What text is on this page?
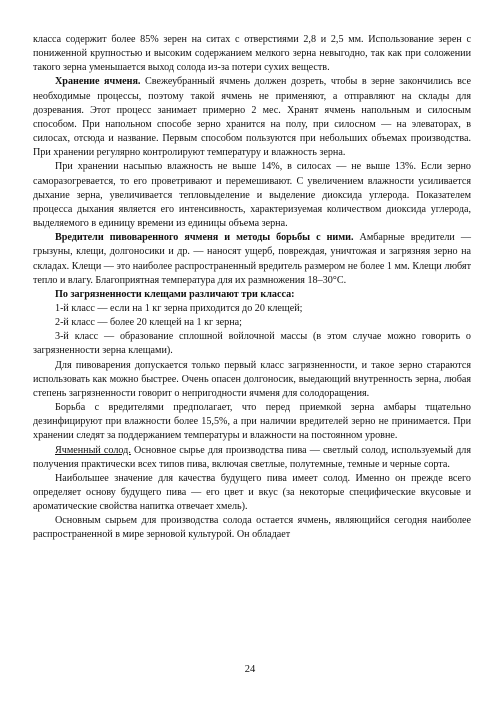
класса содержит более 85% зерен на ситах с отверстиями 2,8 и 2,5 мм. Использование зерен с пониженной крупностью и высоким содержанием мелкого зерна невыгодно, так как при соложении такого зерна уменьшается выход солода из-за потери сухих веществ.

Хранение ячменя. Свежеубранный ячмень должен дозреть, чтобы в зерне закончились все необходимые процессы, поэтому такой ячмень не применяют, а отправляют на склады для дозревания. Этот процесс занимает примерно 2 мес. Хранят ячмень напольным и силосным способом. При напольном способе зерно хранится на полу, при силосном — на элеваторах, в силосах, отсюда и название. Первым способом пользуются при небольших объемах производства. При хранении регулярно контролируют температуру и влажность зерна.

При хранении насыпью влажность не выше 14%, в силосах — не выше 13%. Если зерно саморазогревается, то его проветривают и перемешивают. С увеличением влажности усиливается дыхание зерна, увеличивается тепловыделение и выделение диоксида углерода. Показателем процесса дыхания является его интенсивность, характеризуемая количеством диоксида углерода, выделяемого в единицу времени из единицы объема зерна.

Вредители пивоваренного ячменя и методы борьбы с ними. Амбарные вредители — грызуны, клещи, долгоносики и др. — наносят ущерб, повреждая, уничтожая и загрязняя зерно на складах. Клещи — это наиболее распространенный вредитель размером не более 1 мм. Клещи любят тепло и влагу. Благоприятная температура для их размножения 18–30°С.

По загрязненности клещами различают три класса:

1-й класс — если на 1 кг зерна приходится до 20 клещей;

2-й класс — более 20 клещей на 1 кг зерна;

3-й класс — образование сплошной войлочной массы (в этом случае можно говорить о загрязненности зерна клещами).

Для пивоварения допускается только первый класс загрязненности, и такое зерно стараются использовать как можно быстрее. Очень опасен долгоносик, выедающий внутренность зерна, любая степень загрязненности говорит о непригодности ячменя для солодоращения.

Борьба с вредителями предполагает, что перед приемкой зерна амбары тщательно дезинфицируют при влажности более 15,5%, а при наличии вредителей зерно не принимается. При хранении следят за поддержанием температуры и влажности на постоянном уровне.

Ячменный солод. Основное сырье для производства пива — светлый солод, используемый для получения практически всех типов пива, включая светлые, полутемные, темные и черные сорта.

Наибольшее значение для качества будущего пива имеет солод. Именно он прежде всего определяет основу будущего пива — его цвет и вкус (за некоторые специфические вкусовые и ароматические свойства напитка отвечает хмель).

Основным сырьем для производства солода остается ячмень, являющийся сегодня наиболее распространенной в мире зерновой культурой. Он обладает

24
